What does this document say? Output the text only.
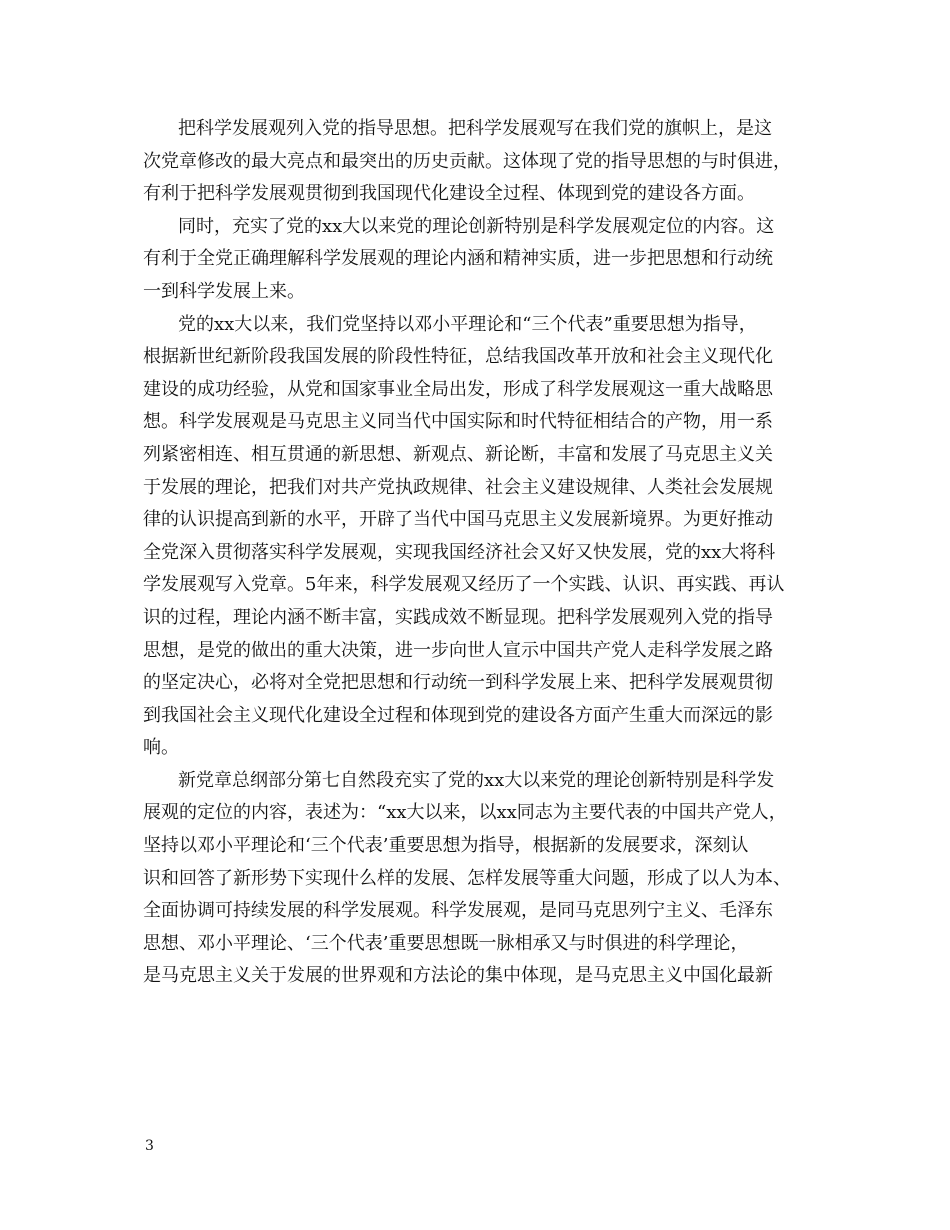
把科学发展观列入党的指导思想。把科学发展观写在我们党的旗帜上，是这
次党章修改的最大亮点和最突出的历史贡献。这体现了党的指导思想的与时俱进，
有利于把科学发展观贯彻到我国现代化建设全过程、体现到党的建设各方面。
同时，充实了党的xx大以来党的理论创新特别是科学发展观定位的内容。这
有利于全党正确理解科学发展观的理论内涵和精神实质，进一步把思想和行动统
一到科学发展上来。
党的xx大以来，我们党坚持以邓小平理论和“三个代表”重要思想为指导，
根据新世纪新阶段我国发展的阶段性特征，总结我国改革开放和社会主义现代化
建设的成功经验，从党和国家事业全局出发，形成了科学发展观这一重大战略思
想。科学发展观是马克思主义同当代中国实际和时代特征相结合的产物，用一系
列紧密相连、相互贯通的新思想、新观点、新论断，丰富和发展了马克思主义关
于发展的理论，把我们对共产党执政规律、社会主义建设规律、人类社会发展规
律的认识提高到新的水平，开辟了当代中国马克思主义发展新境界。为更好推动
全党深入贯彻落实科学发展观，实现我国经济社会又好又快发展，党的xx大将科
学发展观写入党章。5年来，科学发展观又经历了一个实践、认识、再实践、再认
识的过程，理论内涵不断丰富，实践成效不断显现。把科学发展观列入党的指导
思想，是党的做出的重大决策，进一步向世人宣示中国共产党人走科学发展之路
的坚定决心，必将对全党把思想和行动统一到科学发展上来、把科学发展观贯彻
到我国社会主义现代化建设全过程和体现到党的建设各方面产生重大而深远的影
响。
新党章总纲部分第七自然段充实了党的xx大以来党的理论创新特别是科学发
展观的定位的内容，表述为：“xx大以来，以xx同志为主要代表的中国共产党人，
坚持以邓小平理论和‘三个代表’重要思想为指导，根据新的发展要求，深刻认
识和回答了新形势下实现什么样的发展、怎样发展等重大问题，形成了以人为本、
全面协调可持续发展的科学发展观。科学发展观，是同马克思列宁主义、毛泽东
思想、邓小平理论、‘三个代表’重要思想既一脉相承又与时俱进的科学理论，
是马克思主义关于发展的世界观和方法论的集中体现，是马克思主义中国化最新
3
